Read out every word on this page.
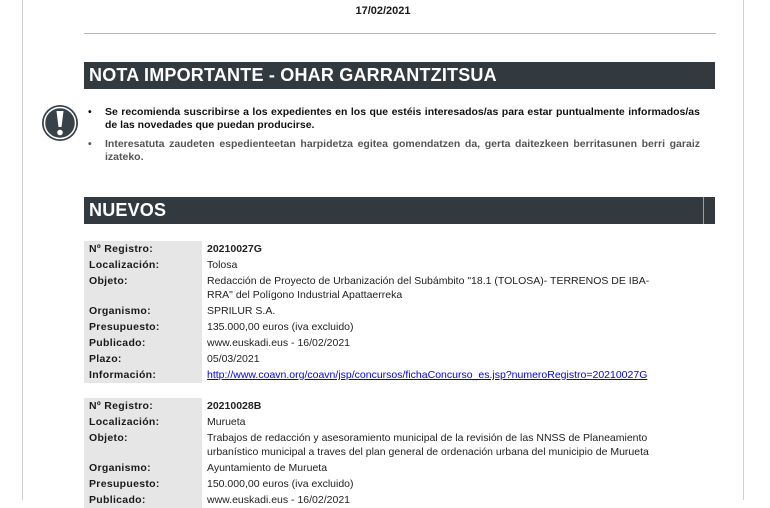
17/02/2021
NOTA IMPORTANTE - OHAR GARRANTZITSUA
• Se recomienda suscribirse a los expedientes en los que estéis interesados/as para estar puntualmente informados/as de las novedades que puedan producirse.
• Interesatuta zaudeten espedienteetan harpidetza egitea gomendatzen da, gerta daitezkeen berritasunen berri garaiz izateko.
NUEVOS
Nº Registro:	20210027G
Localización:	Tolosa
Objeto:	Redacción de Proyecto de Urbanización del Subámbito "18.1 (TOLOSA)- TERRENOS DE IBA-
RRA" del Polígono Industrial Apattaerreka
Organismo:	SPRILUR S.A.
Presupuesto:	135.000,00 euros (iva excluido)
Publicado:	www.euskadi.eus - 16/02/2021
Plazo:	05/03/2021
Información:	http://www.coavn.org/coavn/jsp/concursos/fichaConcurso_es.jsp?numeroRegistro=20210027G
Nº Registro:	20210028B
Localización:	Murueta
Objeto:	Trabajos de redacción y asesoramiento municipal de la revisión de las NNSS de Planeamiento
urbanístico municipal a traves del plan general de ordenación urbana del municipio de Murueta
Organismo:	Ayuntamiento de Murueta
Presupuesto:	150.000,00 euros (iva excluido)
Publicado:	www.euskadi.eus - 16/02/2021
